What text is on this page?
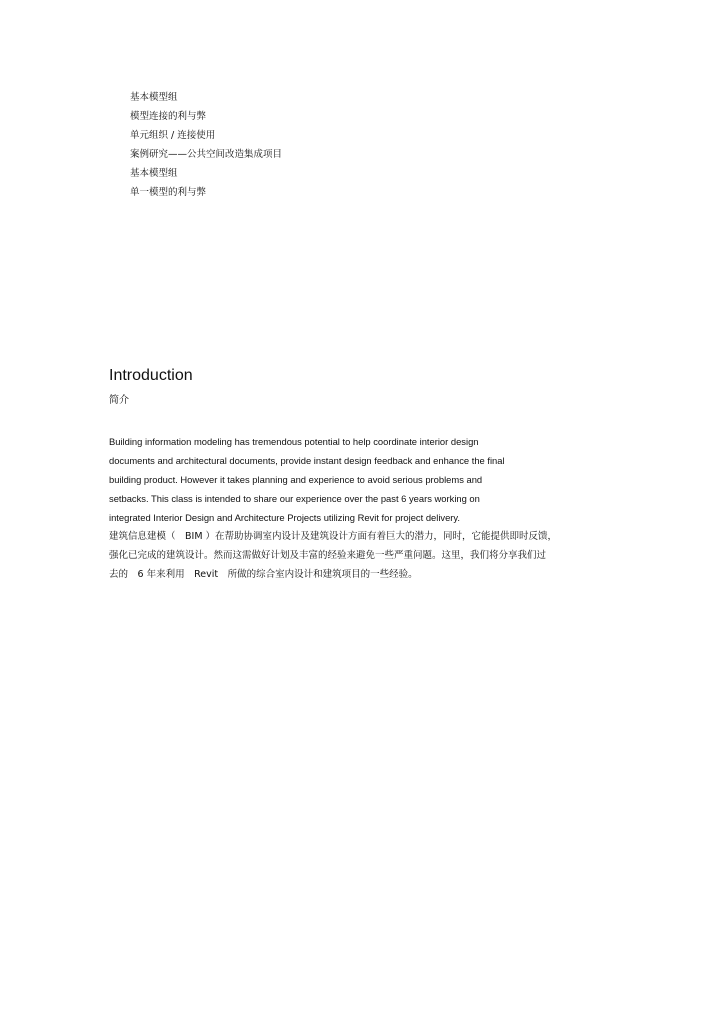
基本模型组
模型连接的利与弊
单元组织 / 连接使用
案例研究——公共空间改造集成项目
基本模型组
单一模型的利与弊
Introduction

简介

Building information modeling has tremendous potential to help coordinate interior design
documents and architectural documents, provide instant design feedback and enhance the final
building product. However it takes planning and experience to avoid serious problems and
setbacks. This class is intended to share our experience over the past 6 years working on
integrated Interior Design and Architecture Projects utilizing Revit for project delivery.
建筑信息建模（　BIM ）在帮助协调室内设计及建筑设计方面有着巨大的潜力，同时，它能提供即时反馈，
强化已完成的建筑设计。然而这需做好计划及丰富的经验来避免一些严重问题。这里，我们将分享我们过
去的　6 年来利用　Revit　所做的综合室内设计和建筑项目的一些经验。
